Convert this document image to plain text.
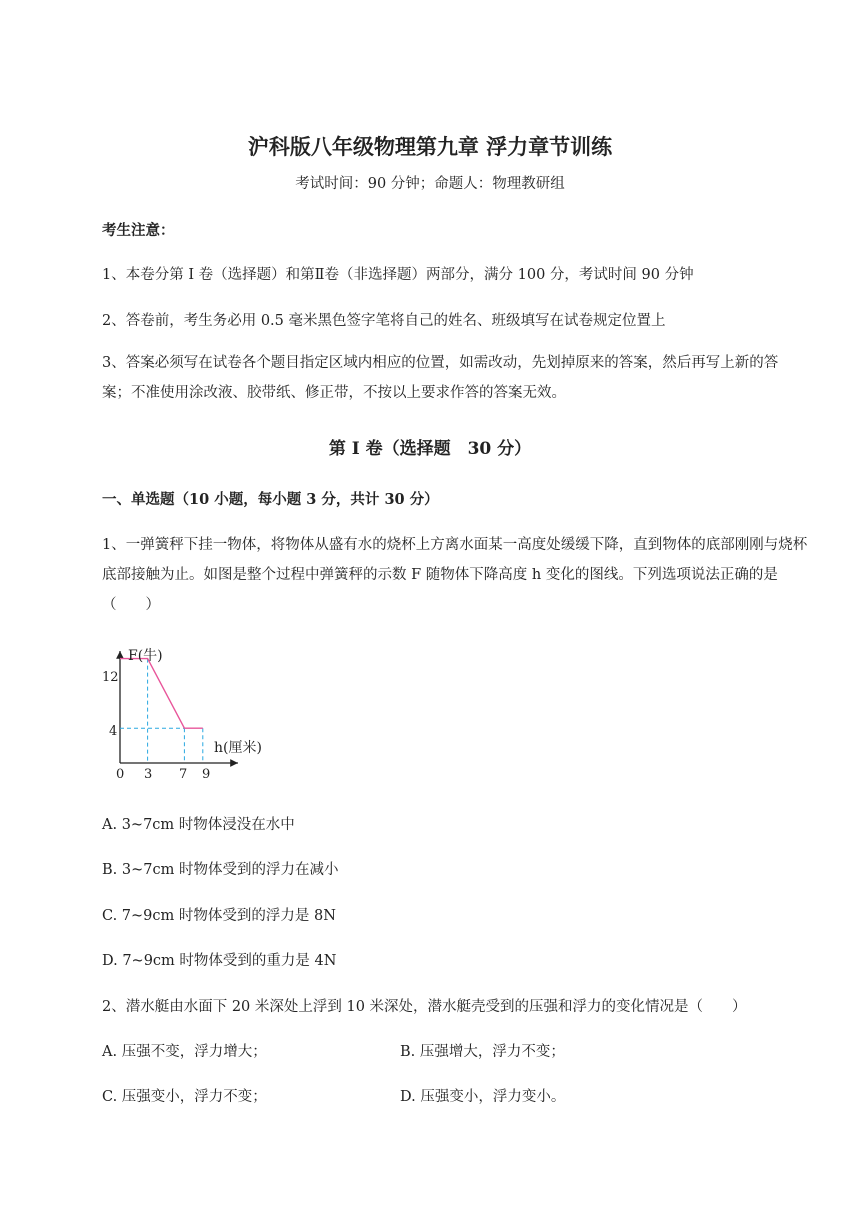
沪科版八年级物理第九章 浮力章节训练
考试时间：90 分钟；命题人：物理教研组
考生注意：
1、本卷分第 I 卷（选择题）和第Ⅱ卷（非选择题）两部分，满分 100 分，考试时间 90 分钟
2、答卷前，考生务必用 0.5 毫米黑色签字笔将自己的姓名、班级填写在试卷规定位置上
3、答案必须写在试卷各个题目指定区域内相应的位置，如需改动，先划掉原来的答案，然后再写上新的答案；不准使用涂改液、胶带纸、修正带，不按以上要求作答的答案无效。
第 I 卷（选择题　30 分）
一、单选题（10 小题，每小题 3 分，共计 30 分）
1、一弹簧秤下挂一物体，将物体从盛有水的烧杯上方离水面某一高度处缓缓下降，直到物体的底部刚刚与烧杯底部接触为止。如图是整个过程中弹簧秤的示数 F 随物体下降高度 h 变化的图线。下列选项说法正确的是（　　）
F(牛)
h(厘米)
0 3 7 9
12
4
A. 3~7cm 时物体浸没在水中
B. 3~7cm 时物体受到的浮力在减小
C. 7~9cm 时物体受到的浮力是 8N
D. 7~9cm 时物体受到的重力是 4N
2、潜水艇由水面下 20 米深处上浮到 10 米深处，潜水艇壳受到的压强和浮力的变化情况是（　　）
A. 压强不变，浮力增大；	B. 压强增大，浮力不变；
C. 压强变小，浮力不变；	D. 压强变小，浮力变小。
